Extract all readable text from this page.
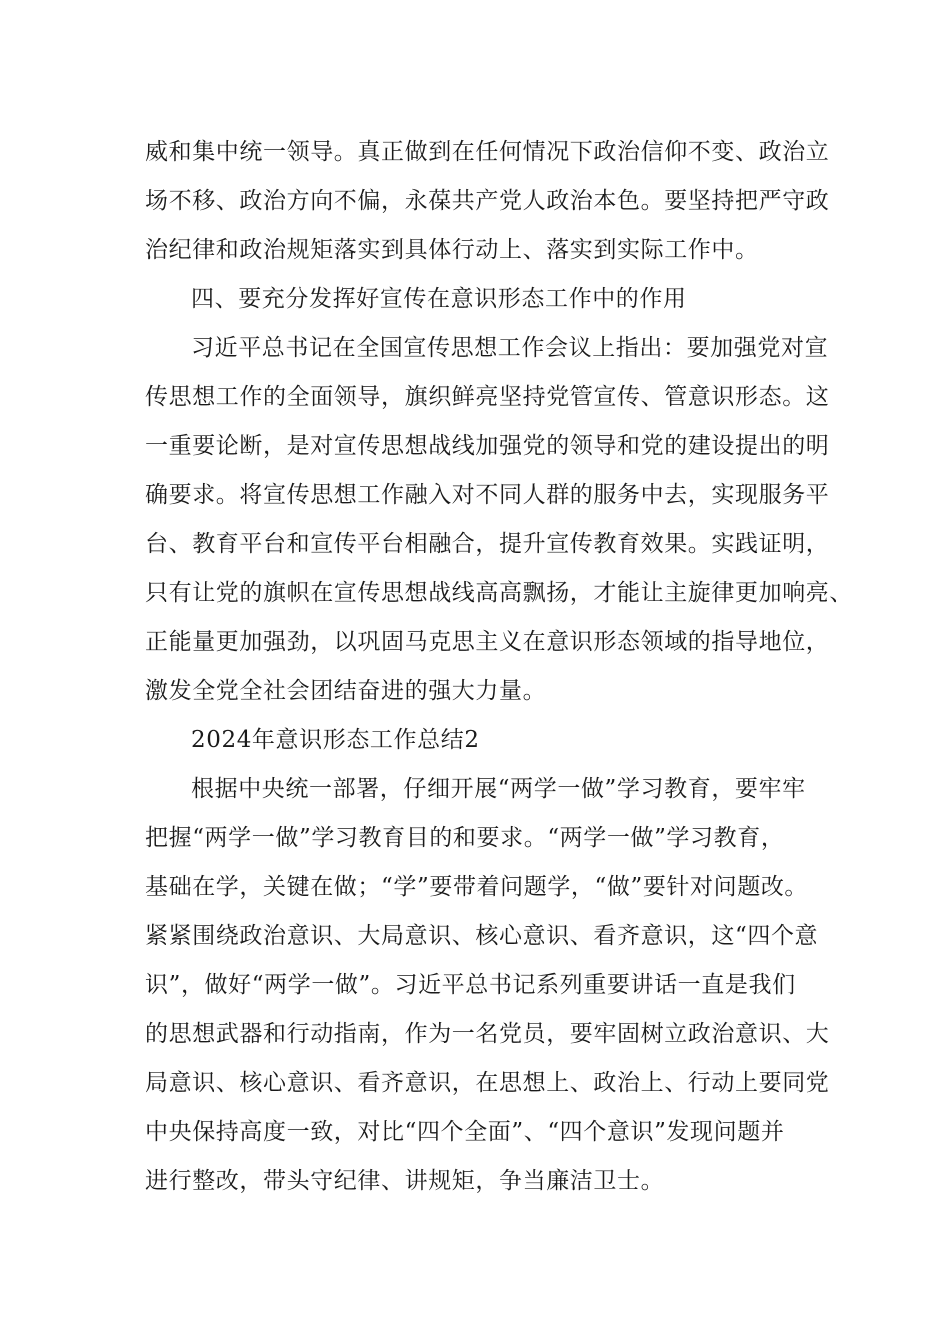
威和集中统一领导。真正做到在任何情况下政治信仰不变、政治立
场不移、政治方向不偏，永葆共产党人政治本色。要坚持把严守政
治纪律和政治规矩落实到具体行动上、落实到实际工作中。
四、要充分发挥好宣传在意识形态工作中的作用
习近平总书记在全国宣传思想工作会议上指出：要加强党对宣
传思想工作的全面领导，旗织鲜亮坚持党管宣传、管意识形态。这
一重要论断，是对宣传思想战线加强党的领导和党的建设提出的明
确要求。将宣传思想工作融入对不同人群的服务中去，实现服务平
台、教育平台和宣传平台相融合，提升宣传教育效果。实践证明，
只有让党的旗帜在宣传思想战线高高飘扬，才能让主旋律更加响亮、
正能量更加强劲，以巩固马克思主义在意识形态领域的指导地位，
激发全党全社会团结奋进的强大力量。
2024年意识形态工作总结2
根据中央统一部署，仔细开展“两学一做”学习教育，要牢牢
把握“两学一做”学习教育目的和要求。“两学一做”学习教育，
基础在学，关键在做；“学”要带着问题学，“做”要针对问题改。
紧紧围绕政治意识、大局意识、核心意识、看齐意识，这“四个意
识”，做好“两学一做”。习近平总书记系列重要讲话一直是我们
的思想武器和行动指南，作为一名党员，要牢固树立政治意识、大
局意识、核心意识、看齐意识，在思想上、政治上、行动上要同党
中央保持高度一致，对比“四个全面”、“四个意识”发现问题并
进行整改，带头守纪律、讲规矩，争当廉洁卫士。
